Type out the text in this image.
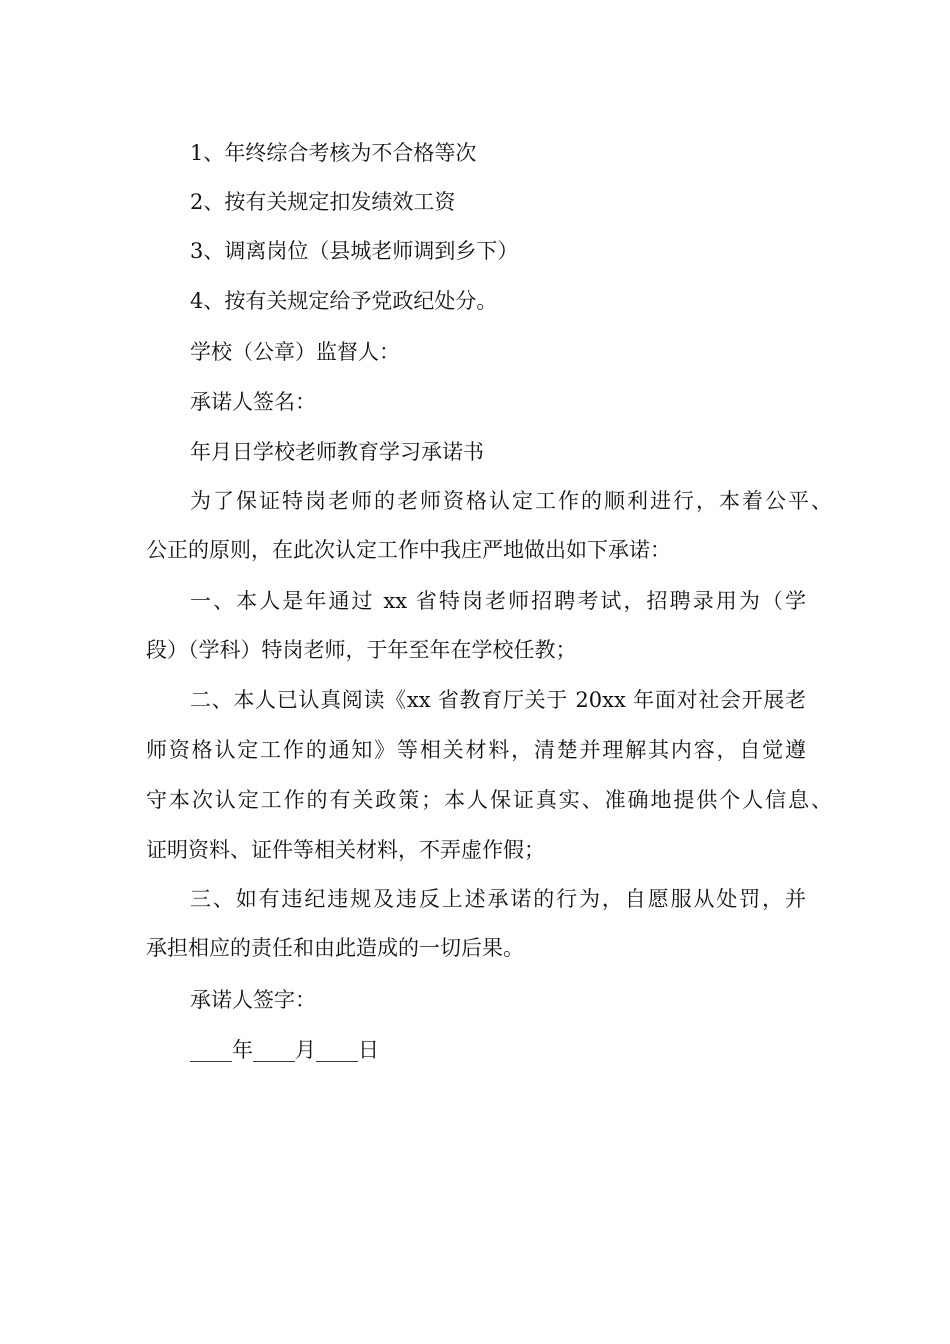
1、年终综合考核为不合格等次
2、按有关规定扣发绩效工资
3、调离岗位（县城老师调到乡下）
4、按有关规定给予党政纪处分。
学校（公章）监督人：
承诺人签名：
年月日学校老师教育学习承诺书
为了保证特岗老师的老师资格认定工作的顺利进行，本着公平、
公正的原则，在此次认定工作中我庄严地做出如下承诺：
一、本人是年通过 xx 省特岗老师招聘考试，招聘录用为（学
段）（学科）特岗老师，于年至年在学校任教；
二、本人已认真阅读《xx 省教育厅关于 20xx 年面对社会开展老
师资格认定工作的通知》等相关材料，清楚并理解其内容，自觉遵
守本次认定工作的有关政策；本人保证真实、准确地提供个人信息、
证明资料、证件等相关材料，不弄虚作假；
三、如有违纪违规及违反上述承诺的行为，自愿服从处罚，并
承担相应的责任和由此造成的一切后果。
承诺人签字：
____年____月____日
